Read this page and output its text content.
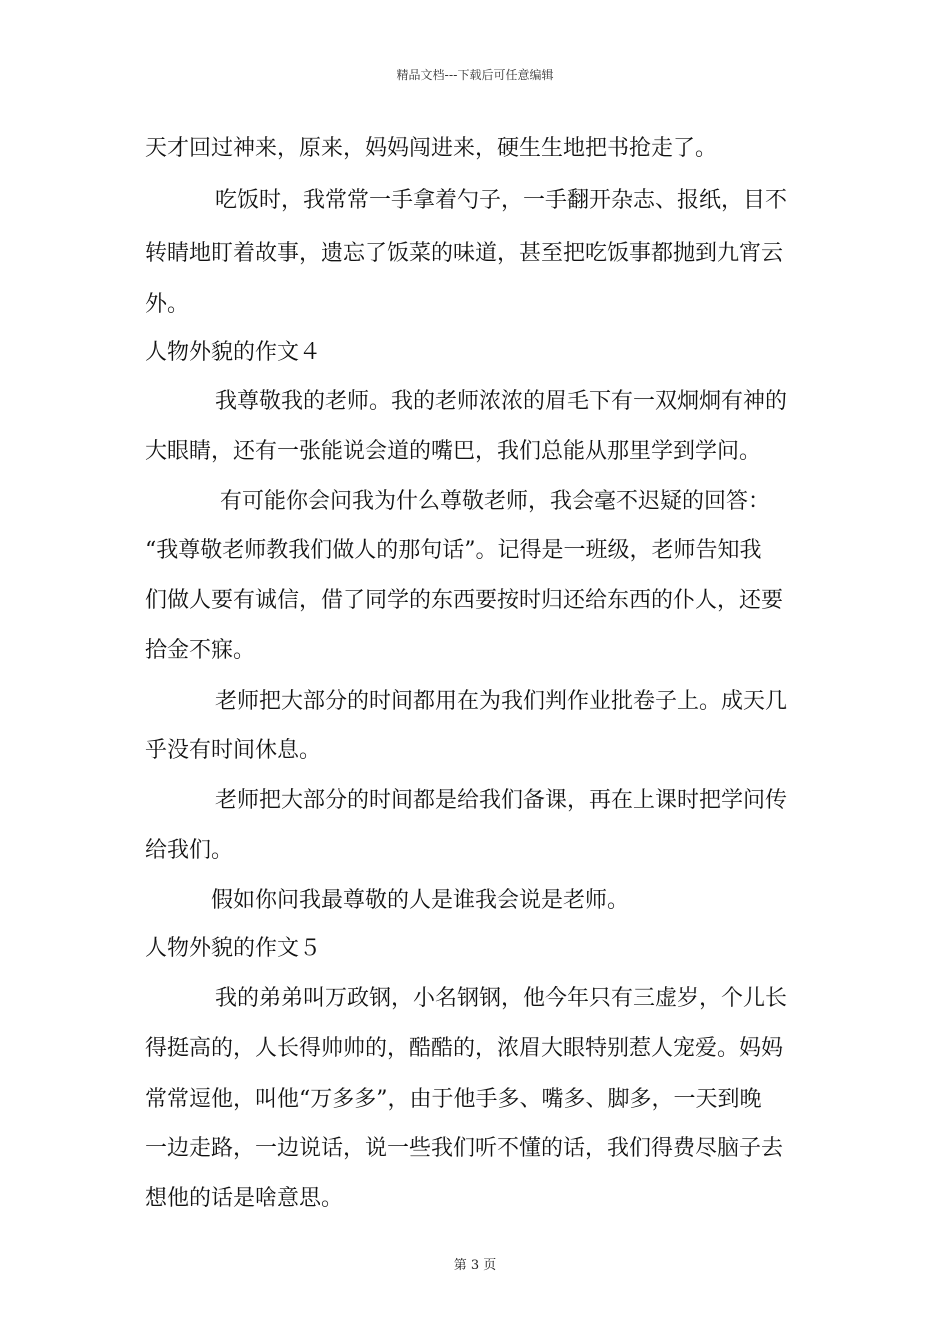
精品文档---下载后可任意编辑
天才回过神来，原来，妈妈闯进来，硬生生地把书抢走了。
吃饭时，我常常一手拿着勺子，一手翻开杂志、报纸，目不
转睛地盯着故事，遗忘了饭菜的味道，甚至把吃饭事都抛到九宵云
外。
人物外貌的作文４
我尊敬我的老师。我的老师浓浓的眉毛下有一双炯炯有神的
大眼睛，还有一张能说会道的嘴巴，我们总能从那里学到学问。
有可能你会问我为什么尊敬老师，我会毫不迟疑的回答：
“我尊敬老师教我们做人的那句话”。记得是一班级，老师告知我
们做人要有诚信，借了同学的东西要按时归还给东西的仆人，还要
拾金不寐。
老师把大部分的时间都用在为我们判作业批卷子上。成天几
乎没有时间休息。
老师把大部分的时间都是给我们备课，再在上课时把学问传
给我们。
假如你问我最尊敬的人是谁我会说是老师。
人物外貌的作文５
我的弟弟叫万政钢，小名钢钢，他今年只有三虚岁，个儿长
得挺高的，人长得帅帅的，酷酷的，浓眉大眼特别惹人宠爱。妈妈
常常逗他，叫他“万多多”，由于他手多、嘴多、脚多，一天到晚
一边走路，一边说话，说一些我们听不懂的话，我们得费尽脑子去
想他的话是啥意思。
第 3 页
